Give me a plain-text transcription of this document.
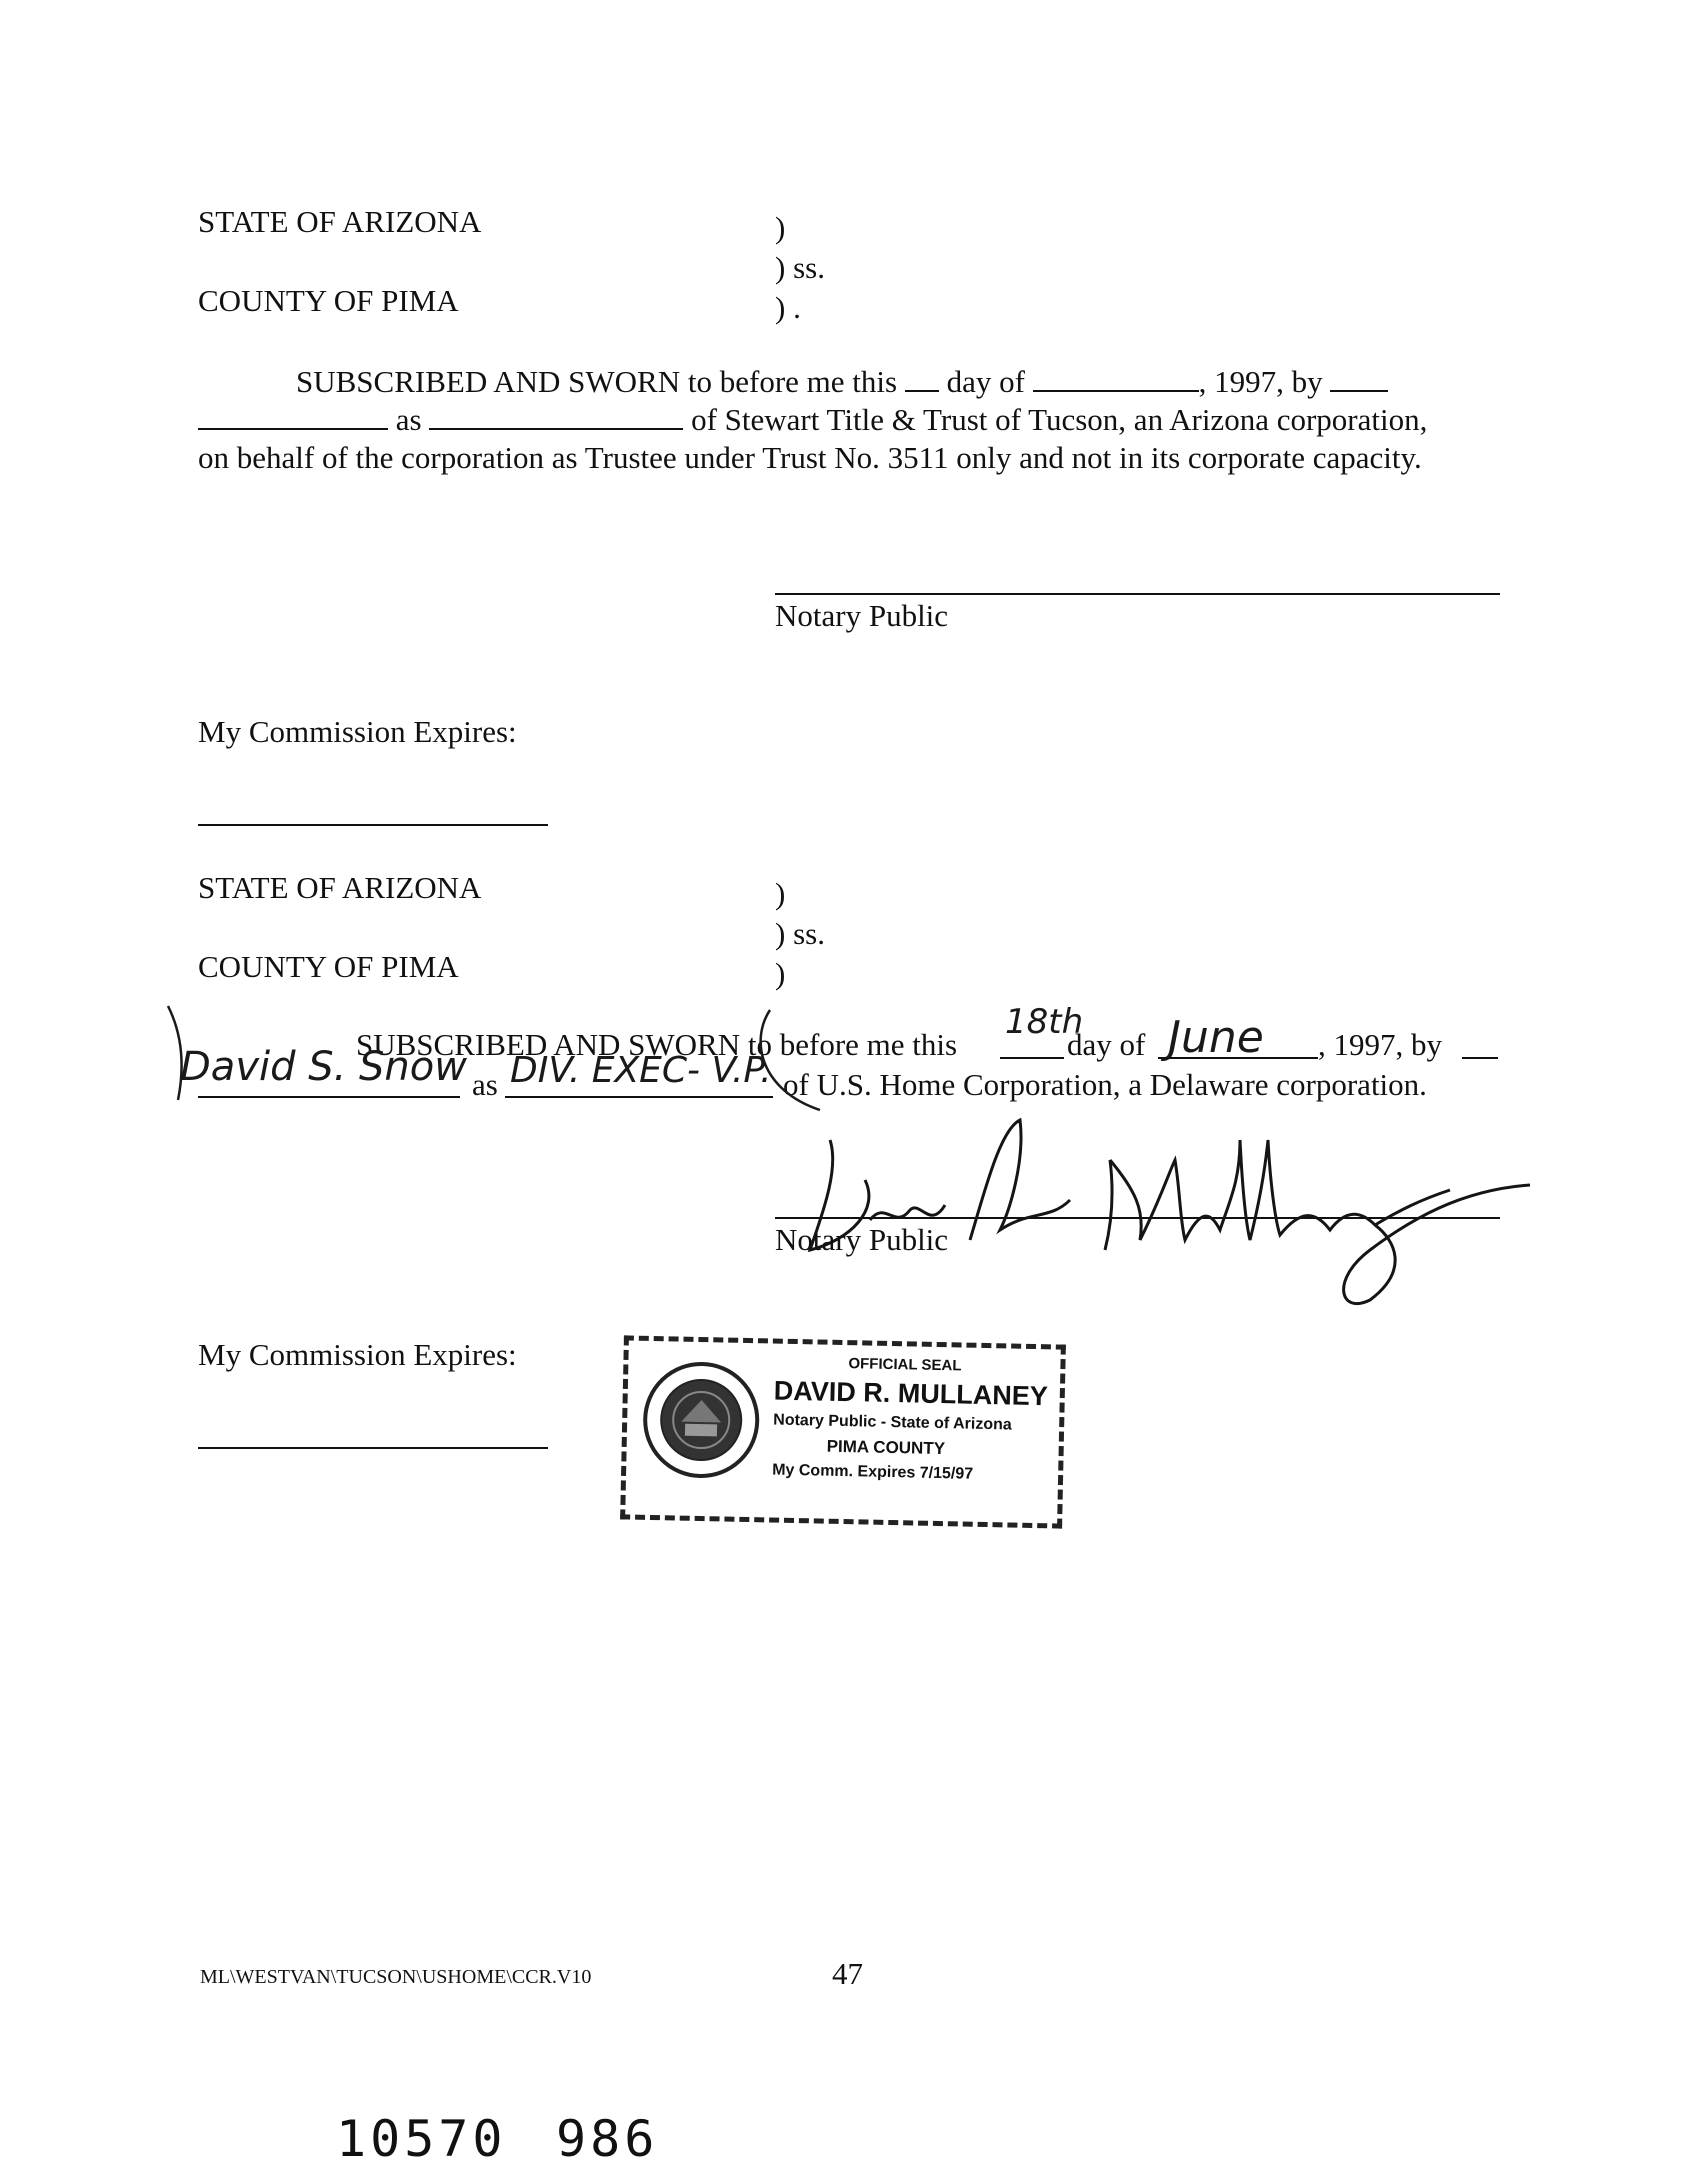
STATE OF ARIZONA
COUNTY OF PIMA
)
) ss.
) .
SUBSCRIBED AND SWORN to before me this day of	, 1997, by
as	of Stewart Title & Trust of Tucson, an Arizona corporation,
on behalf of the corporation as Trustee under Trust No. 3511 only and not in its corporate capacity.
Notary Public
My Commission Expires:
STATE OF ARIZONA
COUNTY OF PIMA
)
) ss.
)
SUBSCRIBED AND SWORN to before me this
18th
day of June , 1997, by
David S. Snow as DIV. EXEC- V.P. of U.S. Home Corporation, a Delaware corporation.
Notary Public
My Commission Expires:	OFFICIAL SEAL
DAVID R. MULLANEY
Notary Public - State of Arizona
PIMA COUNTY
My Comm. Expires 7/15/97
ML\WESTVAN\TUCSON\USHOME\CCR.V10	47
10570 986
